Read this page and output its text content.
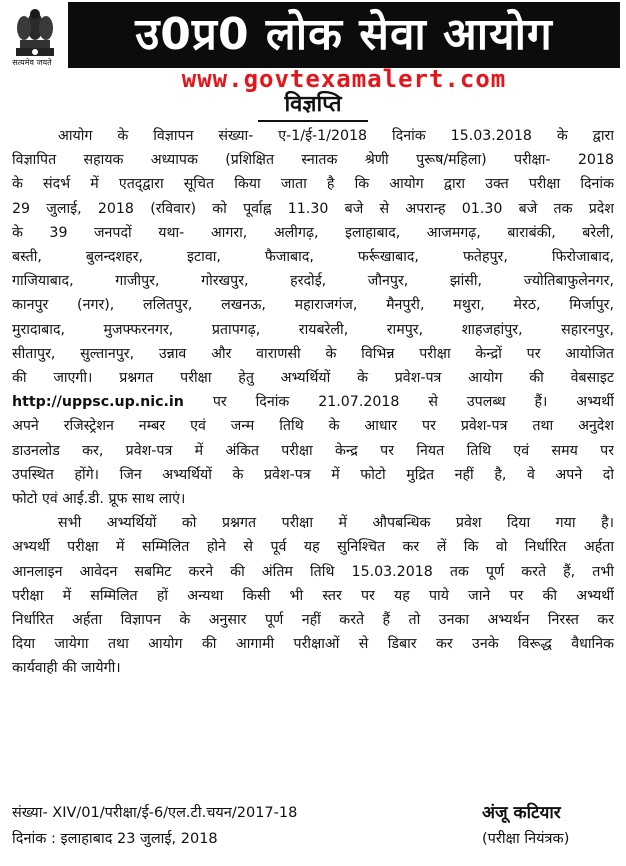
सत्यमेव जयते
उ0प्र0 लोक सेवा आयोग
www.govtexamalert.com
विज्ञप्ति
आयोग के विज्ञापन संख्या- ए-1/ई-1/2018 दिनांक 15.03.2018 के द्वारा
विज्ञापित सहायक अध्यापक (प्रशिक्षित स्नातक श्रेणी पुरूष/महिला) परीक्षा- 2018
के संदर्भ में एतद्‌द्वारा सूचित किया जाता है कि आयोग द्वारा उक्त परीक्षा दिनांक
29 जुलाई, 2018 (रविवार) को पूर्वाह्न 11.30 बजे से अपरान्ह 01.30 बजे तक प्रदेश
के 39 जनपदों यथा- आगरा, अलीगढ़, इलाहाबाद, आजमगढ़, बाराबंकी, बरेली,
बस्ती, बुलन्दशहर, इटावा, फैजाबाद, फर्रूखाबाद, फतेहपुर, फिरोजाबाद,
गाजियाबाद, गाजीपुर, गोरखपुर, हरदोई, जौनपुर, झांसी, ज्योतिबाफुलेनगर,
कानपुर (नगर), ललितपुर, लखनऊ, महाराजगंज, मैनपुरी, मथुरा, मेरठ, मिर्जापुर,
मुरादाबाद, मुजफ्फरनगर, प्रतापगढ़, रायबरेली, रामपुर, शाहजहांपुर, सहारनपुर,
सीतापुर, सुल्तानपुर, उन्नाव और वाराणसी के विभिन्न परीक्षा केन्द्रों पर आयोजित
की जाएगी। प्रश्नगत परीक्षा हेतु अभ्यर्थियों के प्रवेश-पत्र आयोग की वेबसाइट
http://uppsc.up.nic.in पर दिनांक 21.07.2018 से उपलब्ध हैं। अभ्यर्थी
अपने रजिस्ट्रेशन नम्बर एवं जन्म तिथि के आधार पर प्रवेश-पत्र तथा अनुदेश
डाउनलोड कर, प्रवेश-पत्र में अंकित परीक्षा केन्द्र पर नियत तिथि एवं समय पर
उपस्थित होंगे। जिन अभ्यर्थियों के प्रवेश-पत्र में फोटो मुद्रित नहीं है, वे अपने दो
फोटो एवं आई.डी. प्रूफ साथ लाएं।
सभी अभ्यर्थियों को प्रश्नगत परीक्षा में औपबन्धिक प्रवेश दिया गया है।
अभ्यर्थी परीक्षा में सम्मिलित होने से पूर्व यह सुनिश्चित कर लें कि वो निर्धारित अर्हता
आनलाइन आवेदन सबमिट करने की अंतिम तिथि 15.03.2018 तक पूर्ण करते हैं, तभी
परीक्षा में सम्मिलित हों अन्यथा किसी भी स्तर पर यह पाये जाने पर की अभ्यर्थी
निर्धारित अर्हता विज्ञापन के अनुसार पूर्ण नहीं करते हैं तो उनका अभ्यर्थन निरस्त कर
दिया जायेगा तथा आयोग की आगामी परीक्षाओं से डिबार कर उनके विरूद्ध वैधानिक
कार्यवाही की जायेगी।
संख्या- XIV/01/परीक्षा/ई-6/एल.टी.चयन/2017-18
दिनांक : इलाहाबाद 23 जुलाई, 2018
अंजू कटियार
(परीक्षा नियंत्रक)
